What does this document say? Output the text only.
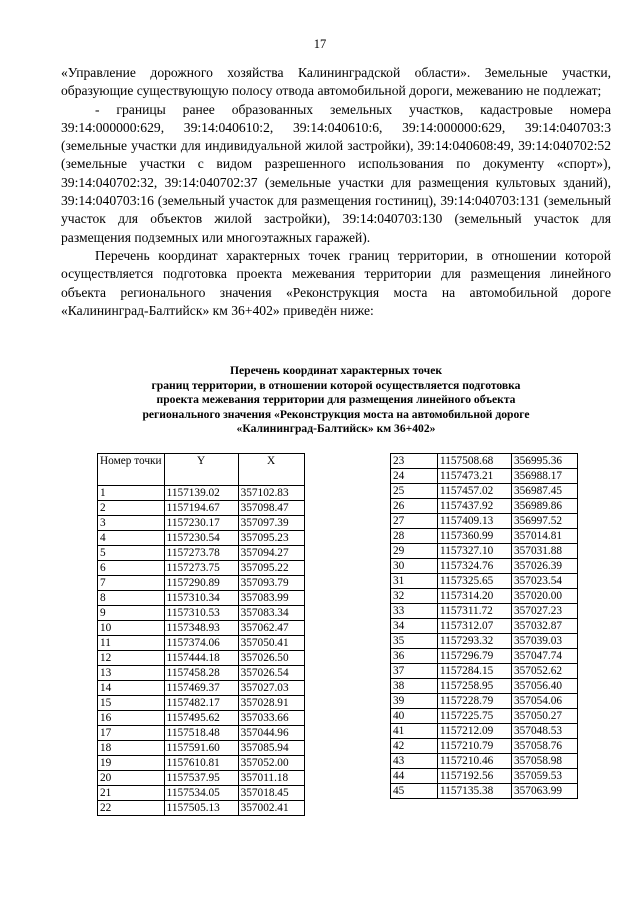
17

«Управление дорожного хозяйства Калининградской области». Земельные участки, образующие существующую полосу отвода автомобильной дороги, межеванию не подлежат;

- границы ранее образованных земельных участков, кадастровые номера 39:14:000000:629, 39:14:040610:2, 39:14:040610:6, 39:14:000000:629, 39:14:040703:3 (земельные участки для индивидуальной жилой застройки), 39:14:040608:49, 39:14:040702:52 (земельные участки с видом разрешенного использования по документу «спорт»), 39:14:040702:32, 39:14:040702:37 (земельные участки для размещения культовых зданий), 39:14:040703:16 (земельный участок для размещения гостиниц), 39:14:040703:131 (земельный участок для объектов жилой застройки), 39:14:040703:130 (земельный участок для размещения подземных или многоэтажных гаражей).

Перечень координат характерных точек границ территории, в отношении которой осуществляется подготовка проекта межевания территории для размещения линейного объекта регионального значения «Реконструкция моста на автомобильной дороге «Калининград-Балтийск» км 36+402» приведён ниже:

Перечень координат характерных точек
границ территории, в отношении которой осуществляется подготовка
проекта межевания территории для размещения линейного объекта
регионального значения «Реконструкция моста на автомобильной дороге
«Калининград-Балтийск» км 36+402»
Номер точки	Y	X
1	1157139.02	357102.83
2	1157194.67	357098.47
3	1157230.17	357097.39
4	1157230.54	357095.23
5	1157273.78	357094.27
6	1157273.75	357095.22
7	1157290.89	357093.79
8	1157310.34	357083.99
9	1157310.53	357083.34
10	1157348.93	357062.47
11	1157374.06	357050.41
12	1157444.18	357026.50
13	1157458.28	357026.54
14	1157469.37	357027.03
15	1157482.17	357028.91
16	1157495.62	357033.66
17	1157518.48	357044.96
18	1157591.60	357085.94
19	1157610.81	357052.00
20	1157537.95	357011.18
21	1157534.05	357018.45
22	1157505.13	357002.41
23	1157508.68	356995.36
24	1157473.21	356988.17
25	1157457.02	356987.45
26	1157437.92	356989.86
27	1157409.13	356997.52
28	1157360.99	357014.81
29	1157327.10	357031.88
30	1157324.76	357026.39
31	1157325.65	357023.54
32	1157314.20	357020.00
33	1157311.72	357027.23
34	1157312.07	357032.87
35	1157293.32	357039.03
36	1157296.79	357047.74
37	1157284.15	357052.62
38	1157258.95	357056.40
39	1157228.79	357054.06
40	1157225.75	357050.27
41	1157212.09	357048.53
42	1157210.79	357058.76
43	1157210.46	357058.98
44	1157192.56	357059.53
45	1157135.38	357063.99
